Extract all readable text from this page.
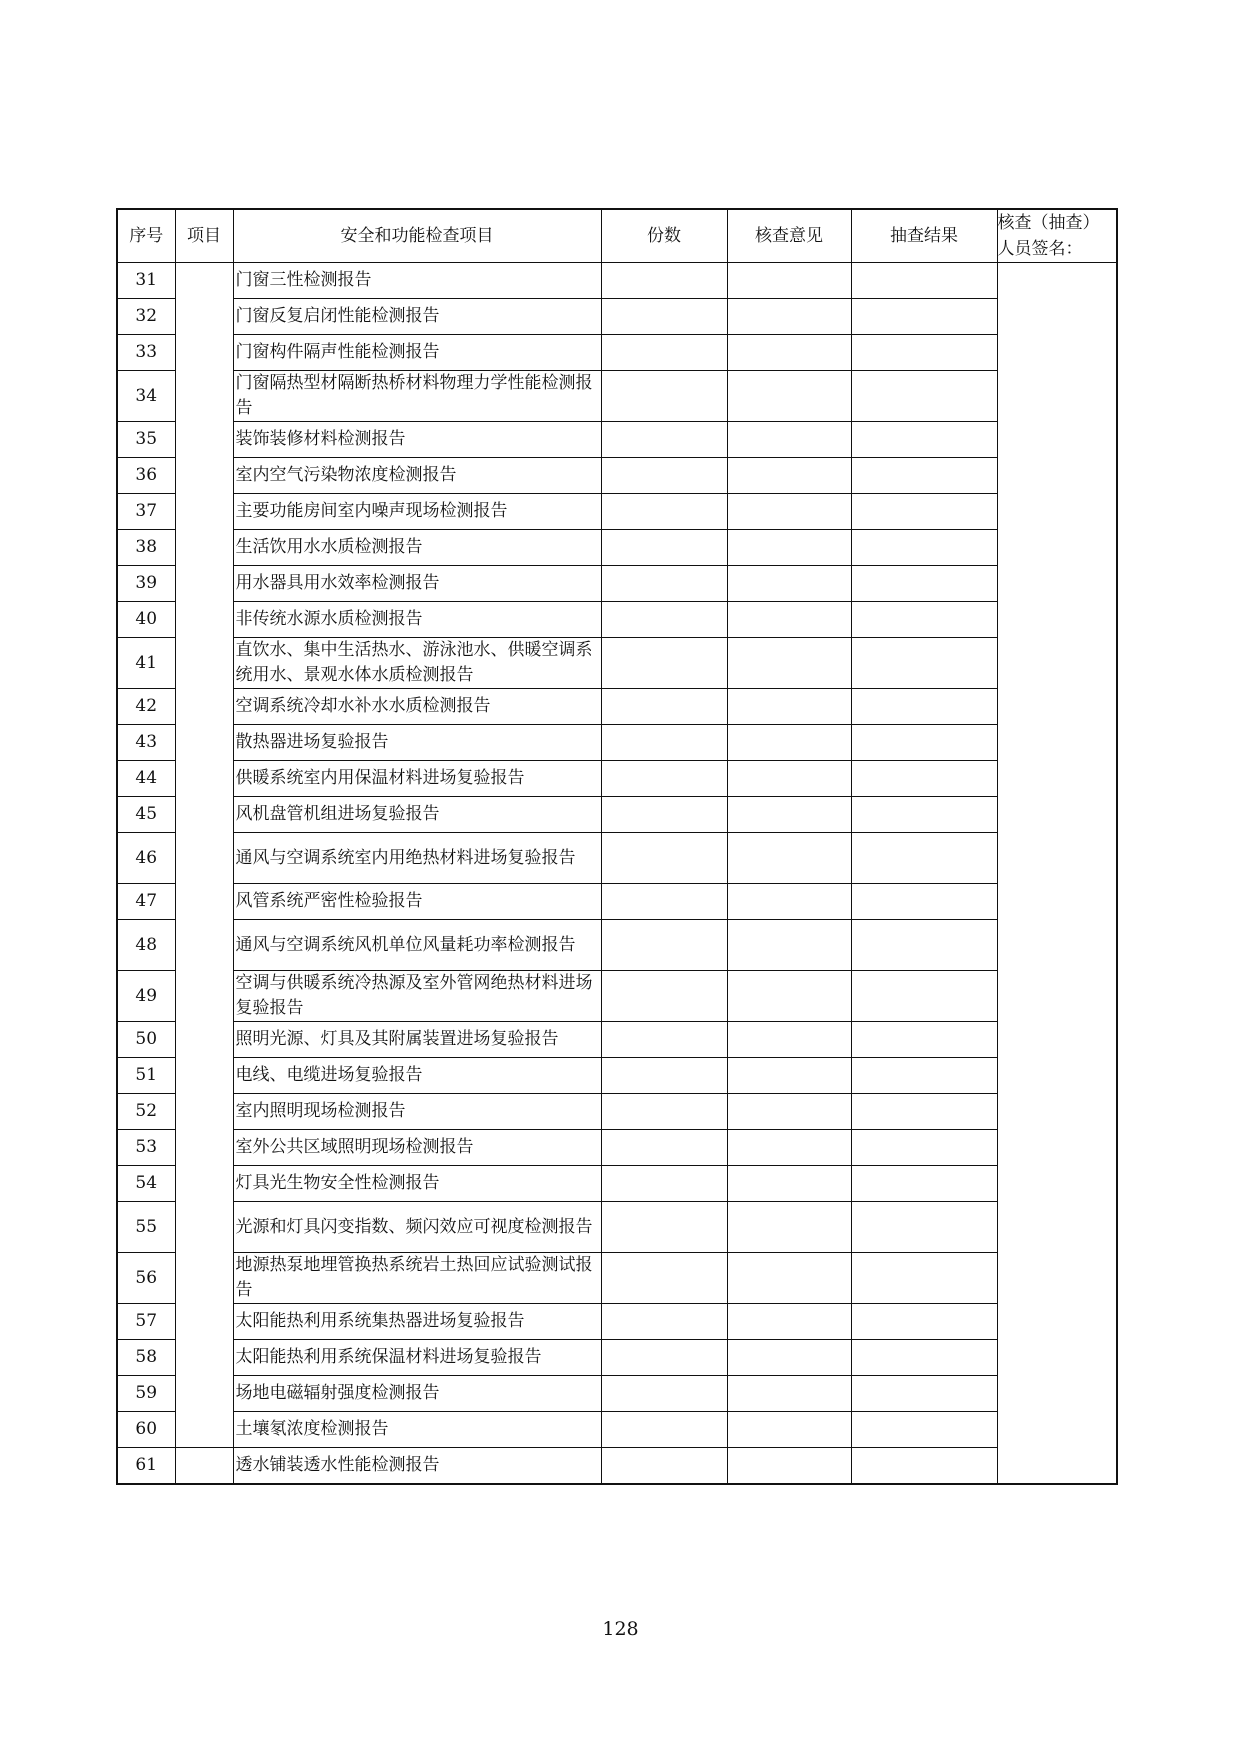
序号	项目	安全和功能检查项目	份数	核查意见	抽查结果	核查（抽查）人员签名：

31		门窗三性检测报告				
32		门窗反复启闭性能检测报告				
33		门窗构件隔声性能检测报告				
34		门窗隔热型材隔断热桥材料物理力学性能检测报告				
35		装饰装修材料检测报告				
36		室内空气污染物浓度检测报告				
37		主要功能房间室内噪声现场检测报告				
38		生活饮用水水质检测报告				
39		用水器具用水效率检测报告				
40		非传统水源水质检测报告				
41		直饮水、集中生活热水、游泳池水、供暖空调系统用水、景观水体水质检测报告				
42		空调系统冷却水补水水质检测报告				
43		散热器进场复验报告				
44		供暖系统室内用保温材料进场复验报告				
45		风机盘管机组进场复验报告				
46		通风与空调系统室内用绝热材料进场复验报告				
47		风管系统严密性检验报告				
48		通风与空调系统风机单位风量耗功率检测报告				
49		空调与供暖系统冷热源及室外管网绝热材料进场复验报告				
50		照明光源、灯具及其附属装置进场复验报告				
51		电线、电缆进场复验报告				
52		室内照明现场检测报告				
53		室外公共区域照明现场检测报告				
54		灯具光生物安全性检测报告				
55		光源和灯具闪变指数、频闪效应可视度检测报告				
56		地源热泵地埋管换热系统岩土热回应试验测试报告				
57		太阳能热利用系统集热器进场复验报告				
58		太阳能热利用系统保温材料进场复验报告				
59		场地电磁辐射强度检测报告				
60		土壤氡浓度检测报告				
61		透水铺装透水性能检测报告				
128
